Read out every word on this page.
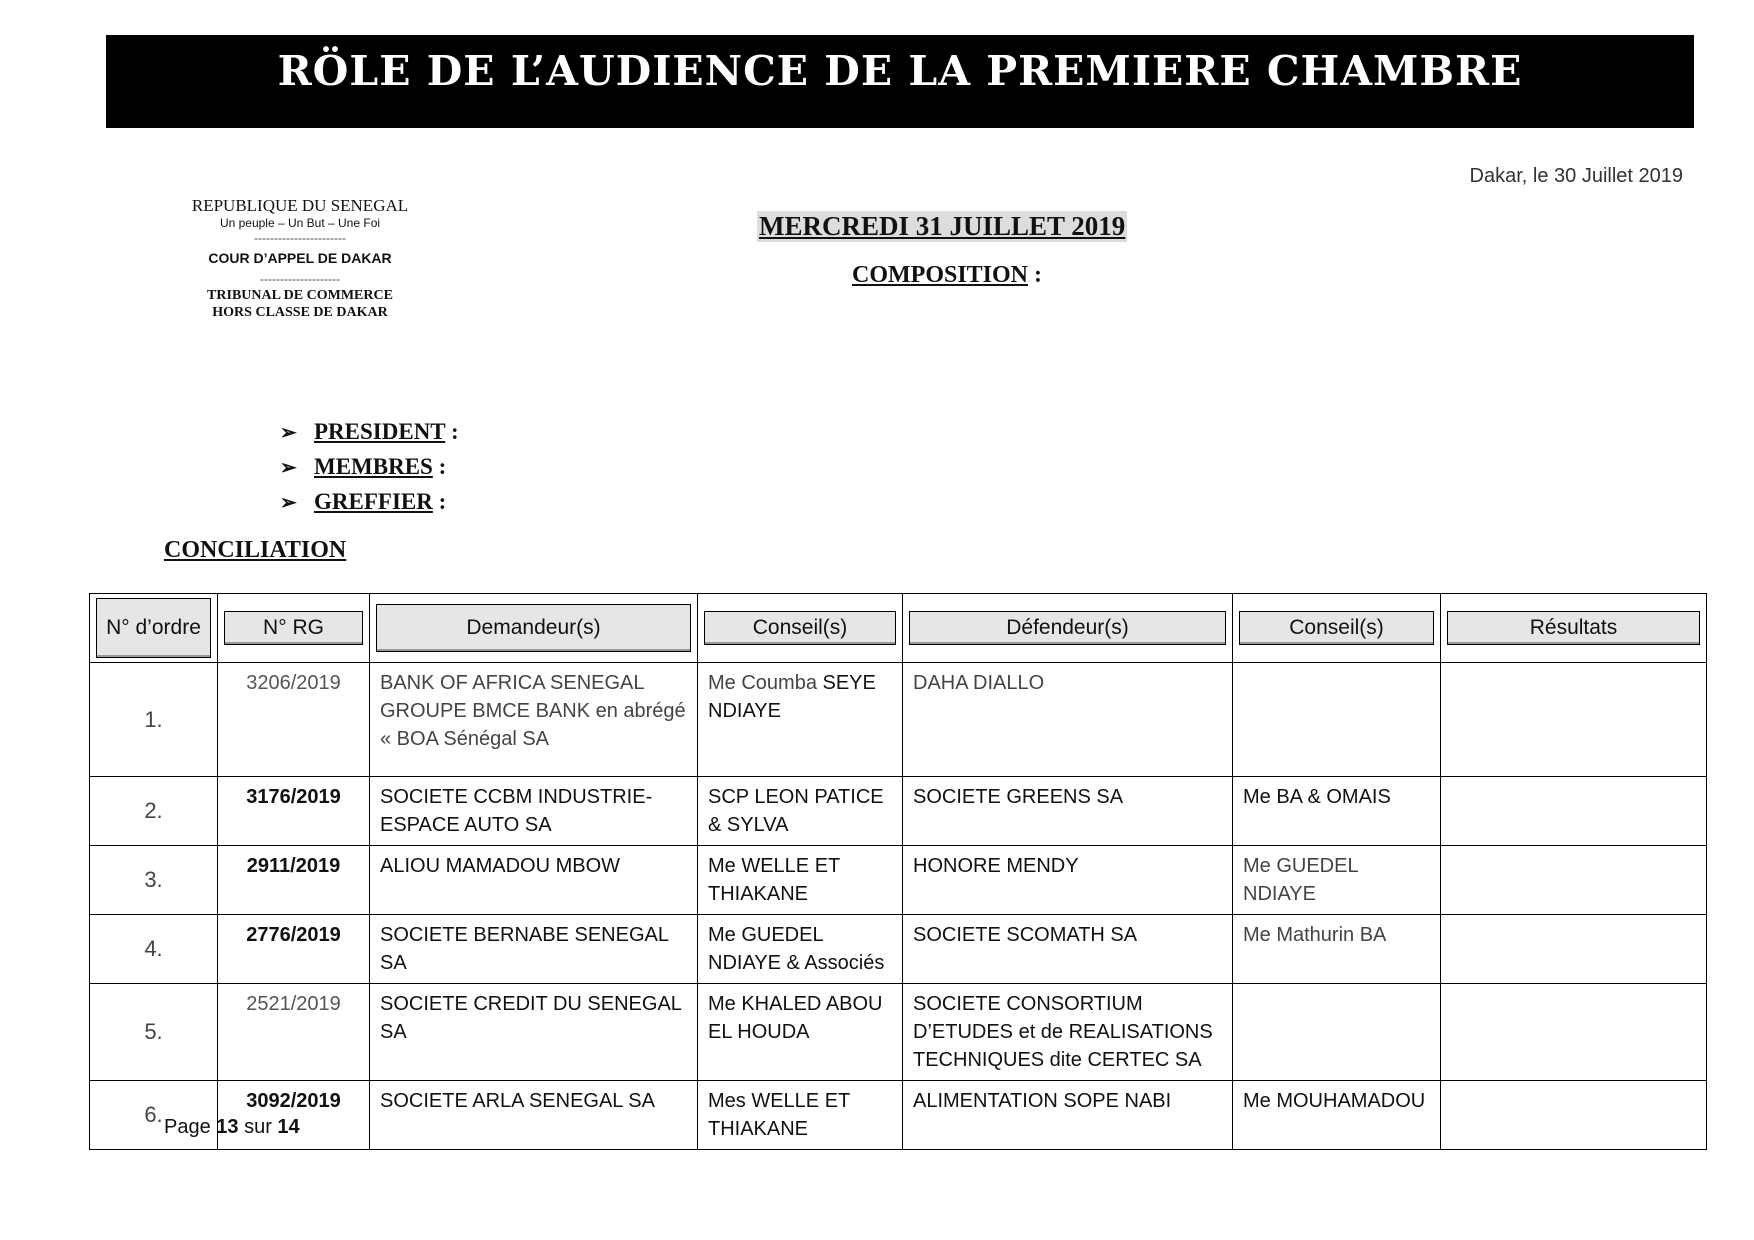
RÖLE DE L’AUDIENCE DE LA PREMIERE CHAMBRE
Dakar, le 30 Juillet 2019
REPUBLIQUE DU SENEGAL
Un peuple – Un But – Une Foi
-----------------------
COUR D’APPEL DE DAKAR
--------------------
TRIBUNAL DE COMMERCE
HORS CLASSE DE DAKAR
MERCREDI 31 JUILLET 2019
COMPOSITION :
➢ PRESIDENT :
➢ MEMBRES :
➢ GREFFIER :
CONCILIATION
N° d’ordre	N° RG	Demandeur(s)	Conseil(s)	Défendeur(s)	Conseil(s)	Résultats

1.	3206/2019	BANK OF AFRICA SENEGAL GROUPE BMCE BANK en abrégé « BOA Sénégal SA	Me Coumba SEYE NDIAYE	DAHA DIALLO		
2.	3176/2019	SOCIETE CCBM INDUSTRIE-ESPACE AUTO SA	SCP LEON PATICE & SYLVA	SOCIETE GREENS SA	Me BA & OMAIS	
3.	2911/2019	ALIOU MAMADOU MBOW	Me WELLE ET THIAKANE	HONORE MENDY	Me GUEDEL NDIAYE	
4.	2776/2019	SOCIETE BERNABE SENEGAL SA	Me GUEDEL NDIAYE & Associés	SOCIETE SCOMATH SA	Me Mathurin BA	
5.	2521/2019	SOCIETE CREDIT DU SENEGAL SA	Me KHALED ABOU EL HOUDA	SOCIETE CONSORTIUM D’ETUDES et de REALISATIONS TECHNIQUES dite CERTEC SA		
6.	3092/2019	SOCIETE ARLA SENEGAL SA	Mes WELLE ET THIAKANE	ALIMENTATION SOPE NABI	Me MOUHAMADOU	
Page 13 sur 14
